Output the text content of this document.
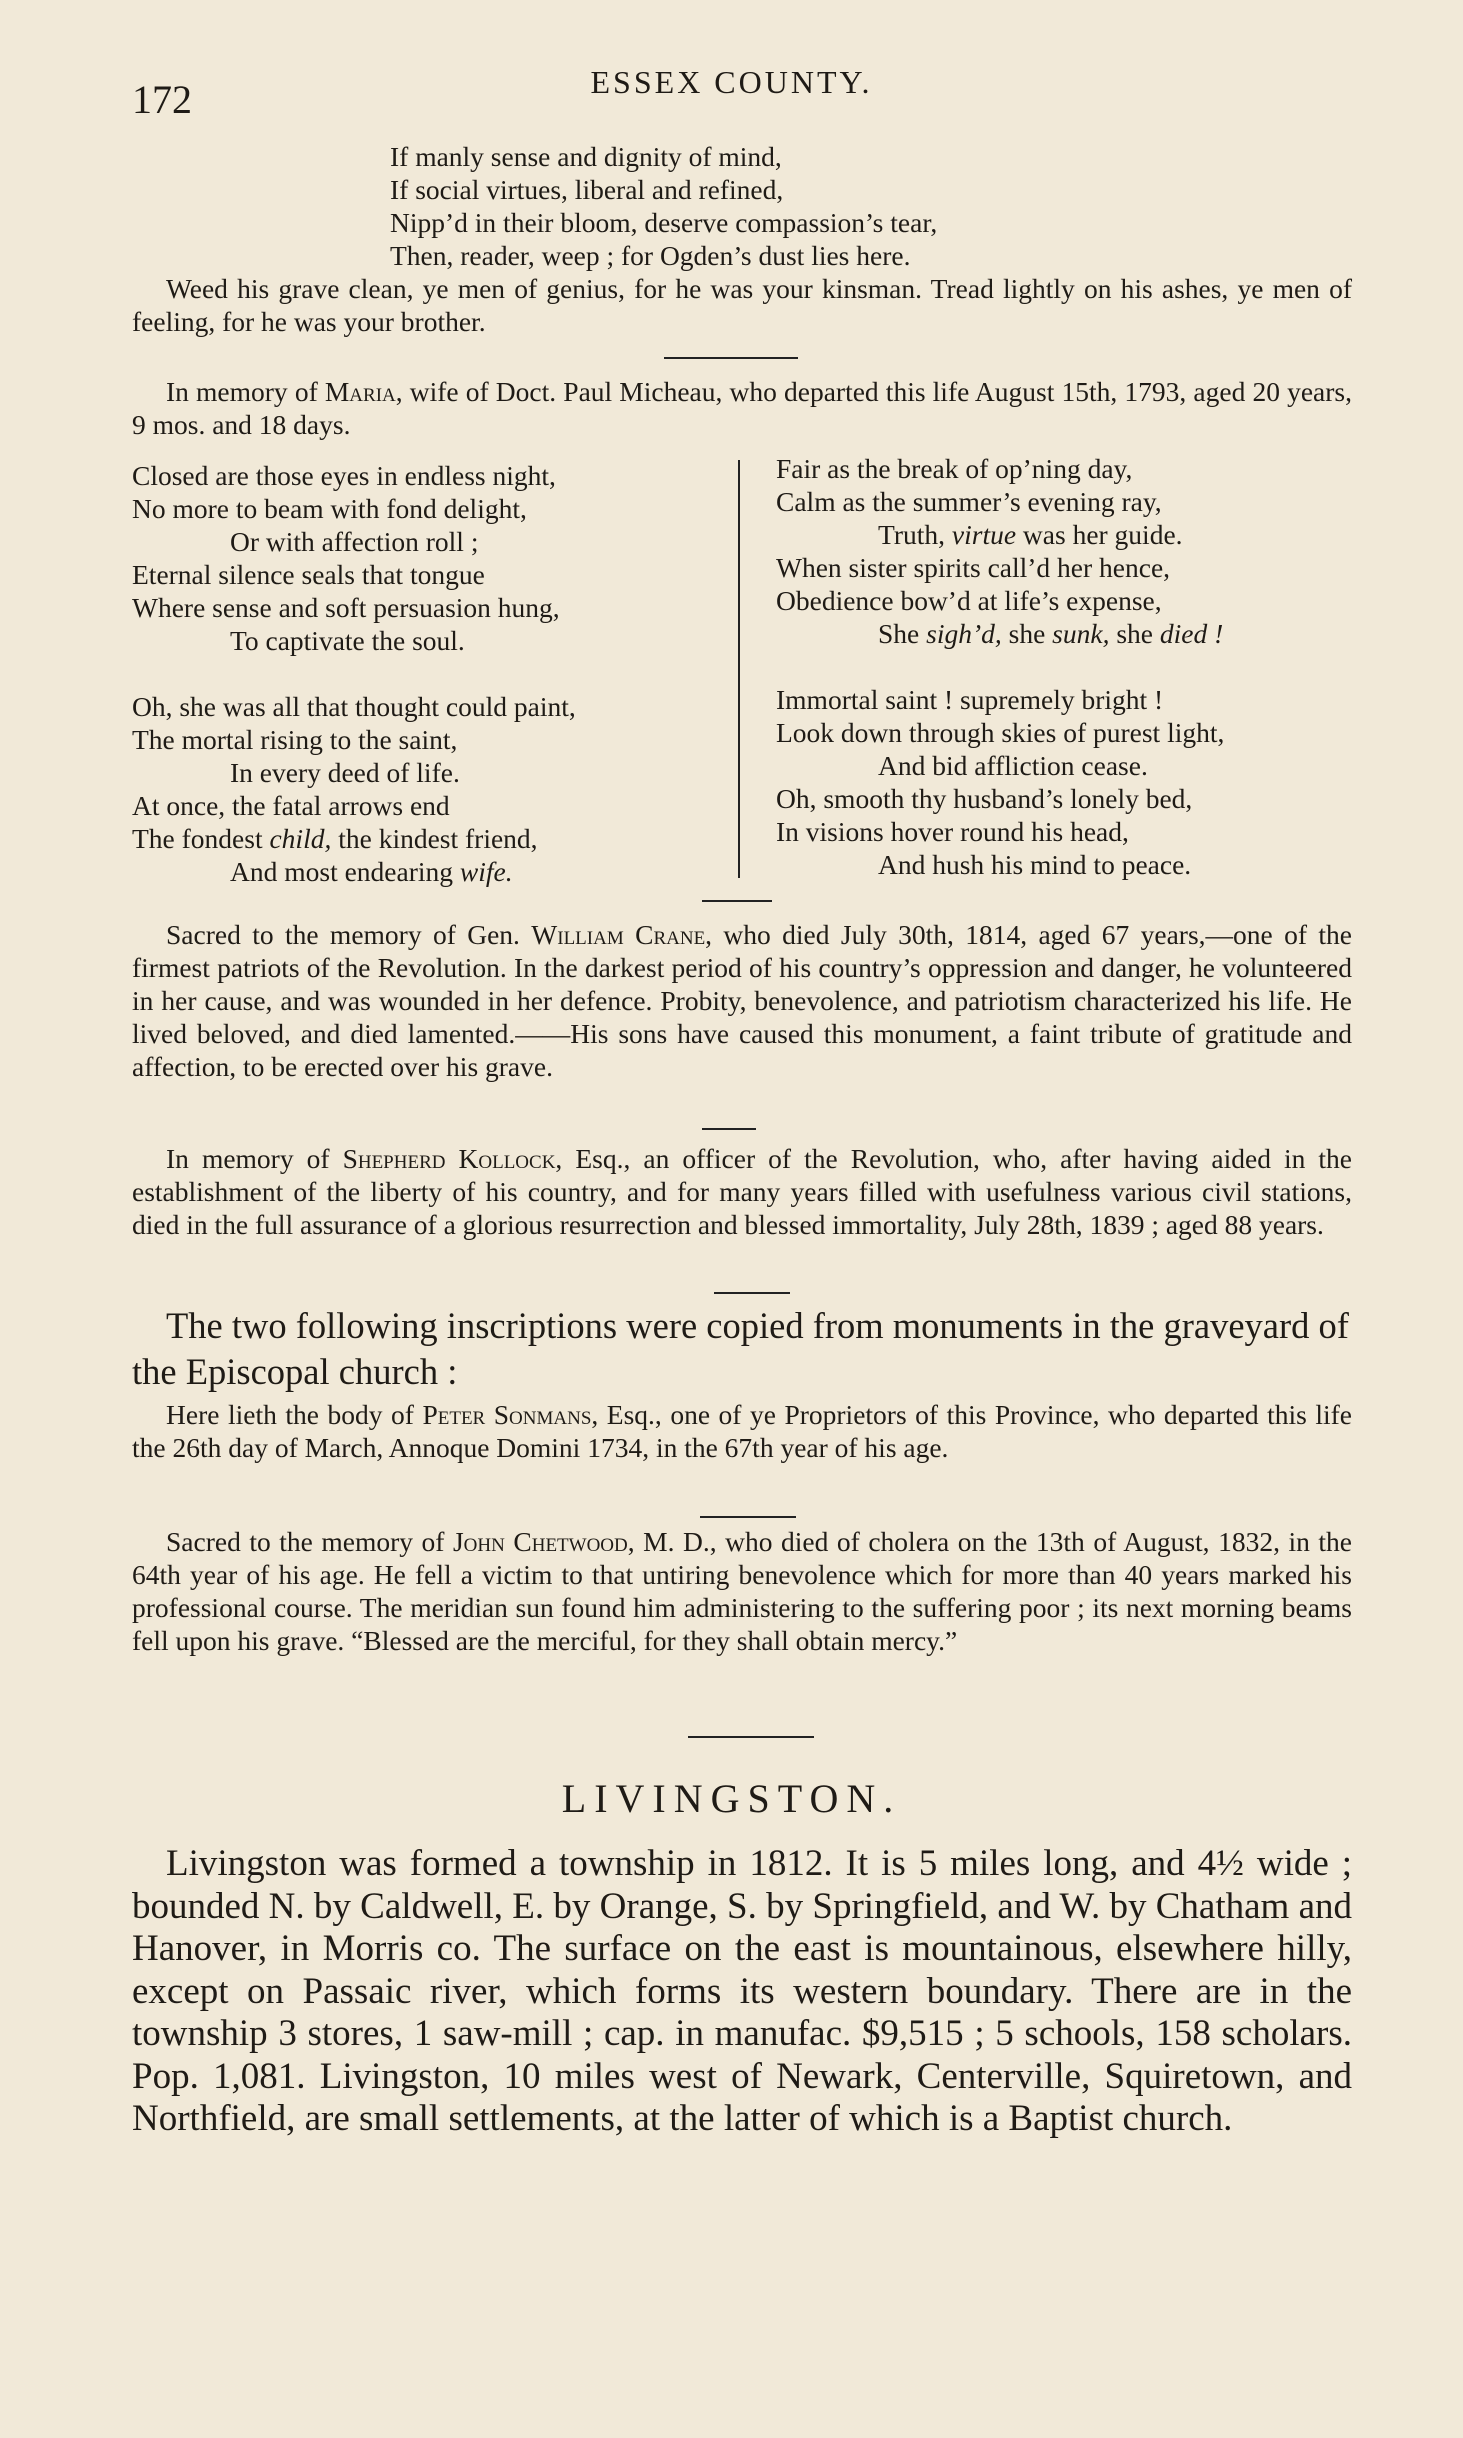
172	ESSEX COUNTY.
If manly sense and dignity of mind,
If social virtues, liberal and refined,
Nipp’d in their bloom, deserve compassion’s tear,
Then, reader, weep ; for Ogden’s dust lies here.
Weed his grave clean, ye men of genius, for he was your kinsman. Tread lightly on his ashes, ye men of feeling, for he was your brother.
In memory of Maria, wife of Doct. Paul Micheau, who departed this life August 15th, 1793, aged 20 years, 9 mos. and 18 days.
Closed are those eyes in endless night,
No more to beam with fond delight,
Or with affection roll ;
Eternal silence seals that tongue
Where sense and soft persuasion hung,
To captivate the soul.
Oh, she was all that thought could paint,
The mortal rising to the saint,
In every deed of life.
At once, the fatal arrows end
The fondest child, the kindest friend,
And most endearing wife.
Fair as the break of op’ning day,
Calm as the summer’s evening ray,
Truth, virtue was her guide.
When sister spirits call’d her hence,
Obedience bow’d at life’s expense,
She sigh’d, she sunk, she died !
Immortal saint ! supremely bright !
Look down through skies of purest light,
And bid affliction cease.
Oh, smooth thy husband’s lonely bed,
In visions hover round his head,
And hush his mind to peace.
Sacred to the memory of Gen. William Crane, who died July 30th, 1814, aged 67 years,—one of the firmest patriots of the Revolution. In the darkest period of his country’s oppression and danger, he volunteered in her cause, and was wounded in her defence. Probity, benevolence, and patriotism characterized his life. He lived beloved, and died lamented.——His sons have caused this monument, a faint tribute of gratitude and affection, to be erected over his grave.
In memory of Shepherd Kollock, Esq., an officer of the Revolution, who, after having aided in the establishment of the liberty of his country, and for many years filled with usefulness various civil stations, died in the full assurance of a glorious resurrection and blessed immortality, July 28th, 1839 ; aged 88 years.
The two following inscriptions were copied from monuments in the graveyard of the Episcopal church :
Here lieth the body of Peter Sonmans, Esq., one of ye Proprietors of this Province, who departed this life the 26th day of March, Annoque Domini 1734, in the 67th year of his age.
Sacred to the memory of John Chetwood, M. D., who died of cholera on the 13th of August, 1832, in the 64th year of his age. He fell a victim to that untiring benevolence which for more than 40 years marked his professional course. The meridian sun found him administering to the suffering poor ; its next morning beams fell upon his grave. “Blessed are the merciful, for they shall obtain mercy.”
LIVINGSTON.
Livingston was formed a township in 1812. It is 5 miles long, and 4½ wide ; bounded N. by Caldwell, E. by Orange, S. by Springfield, and W. by Chatham and Hanover, in Morris co. The surface on the east is mountainous, elsewhere hilly, except on Passaic river, which forms its western boundary. There are in the township 3 stores, 1 saw-mill ; cap. in manufac. $9,515 ; 5 schools, 158 scholars. Pop. 1,081. Livingston, 10 miles west of Newark, Centerville, Squiretown, and Northfield, are small settlements, at the latter of which is a Baptist church.
